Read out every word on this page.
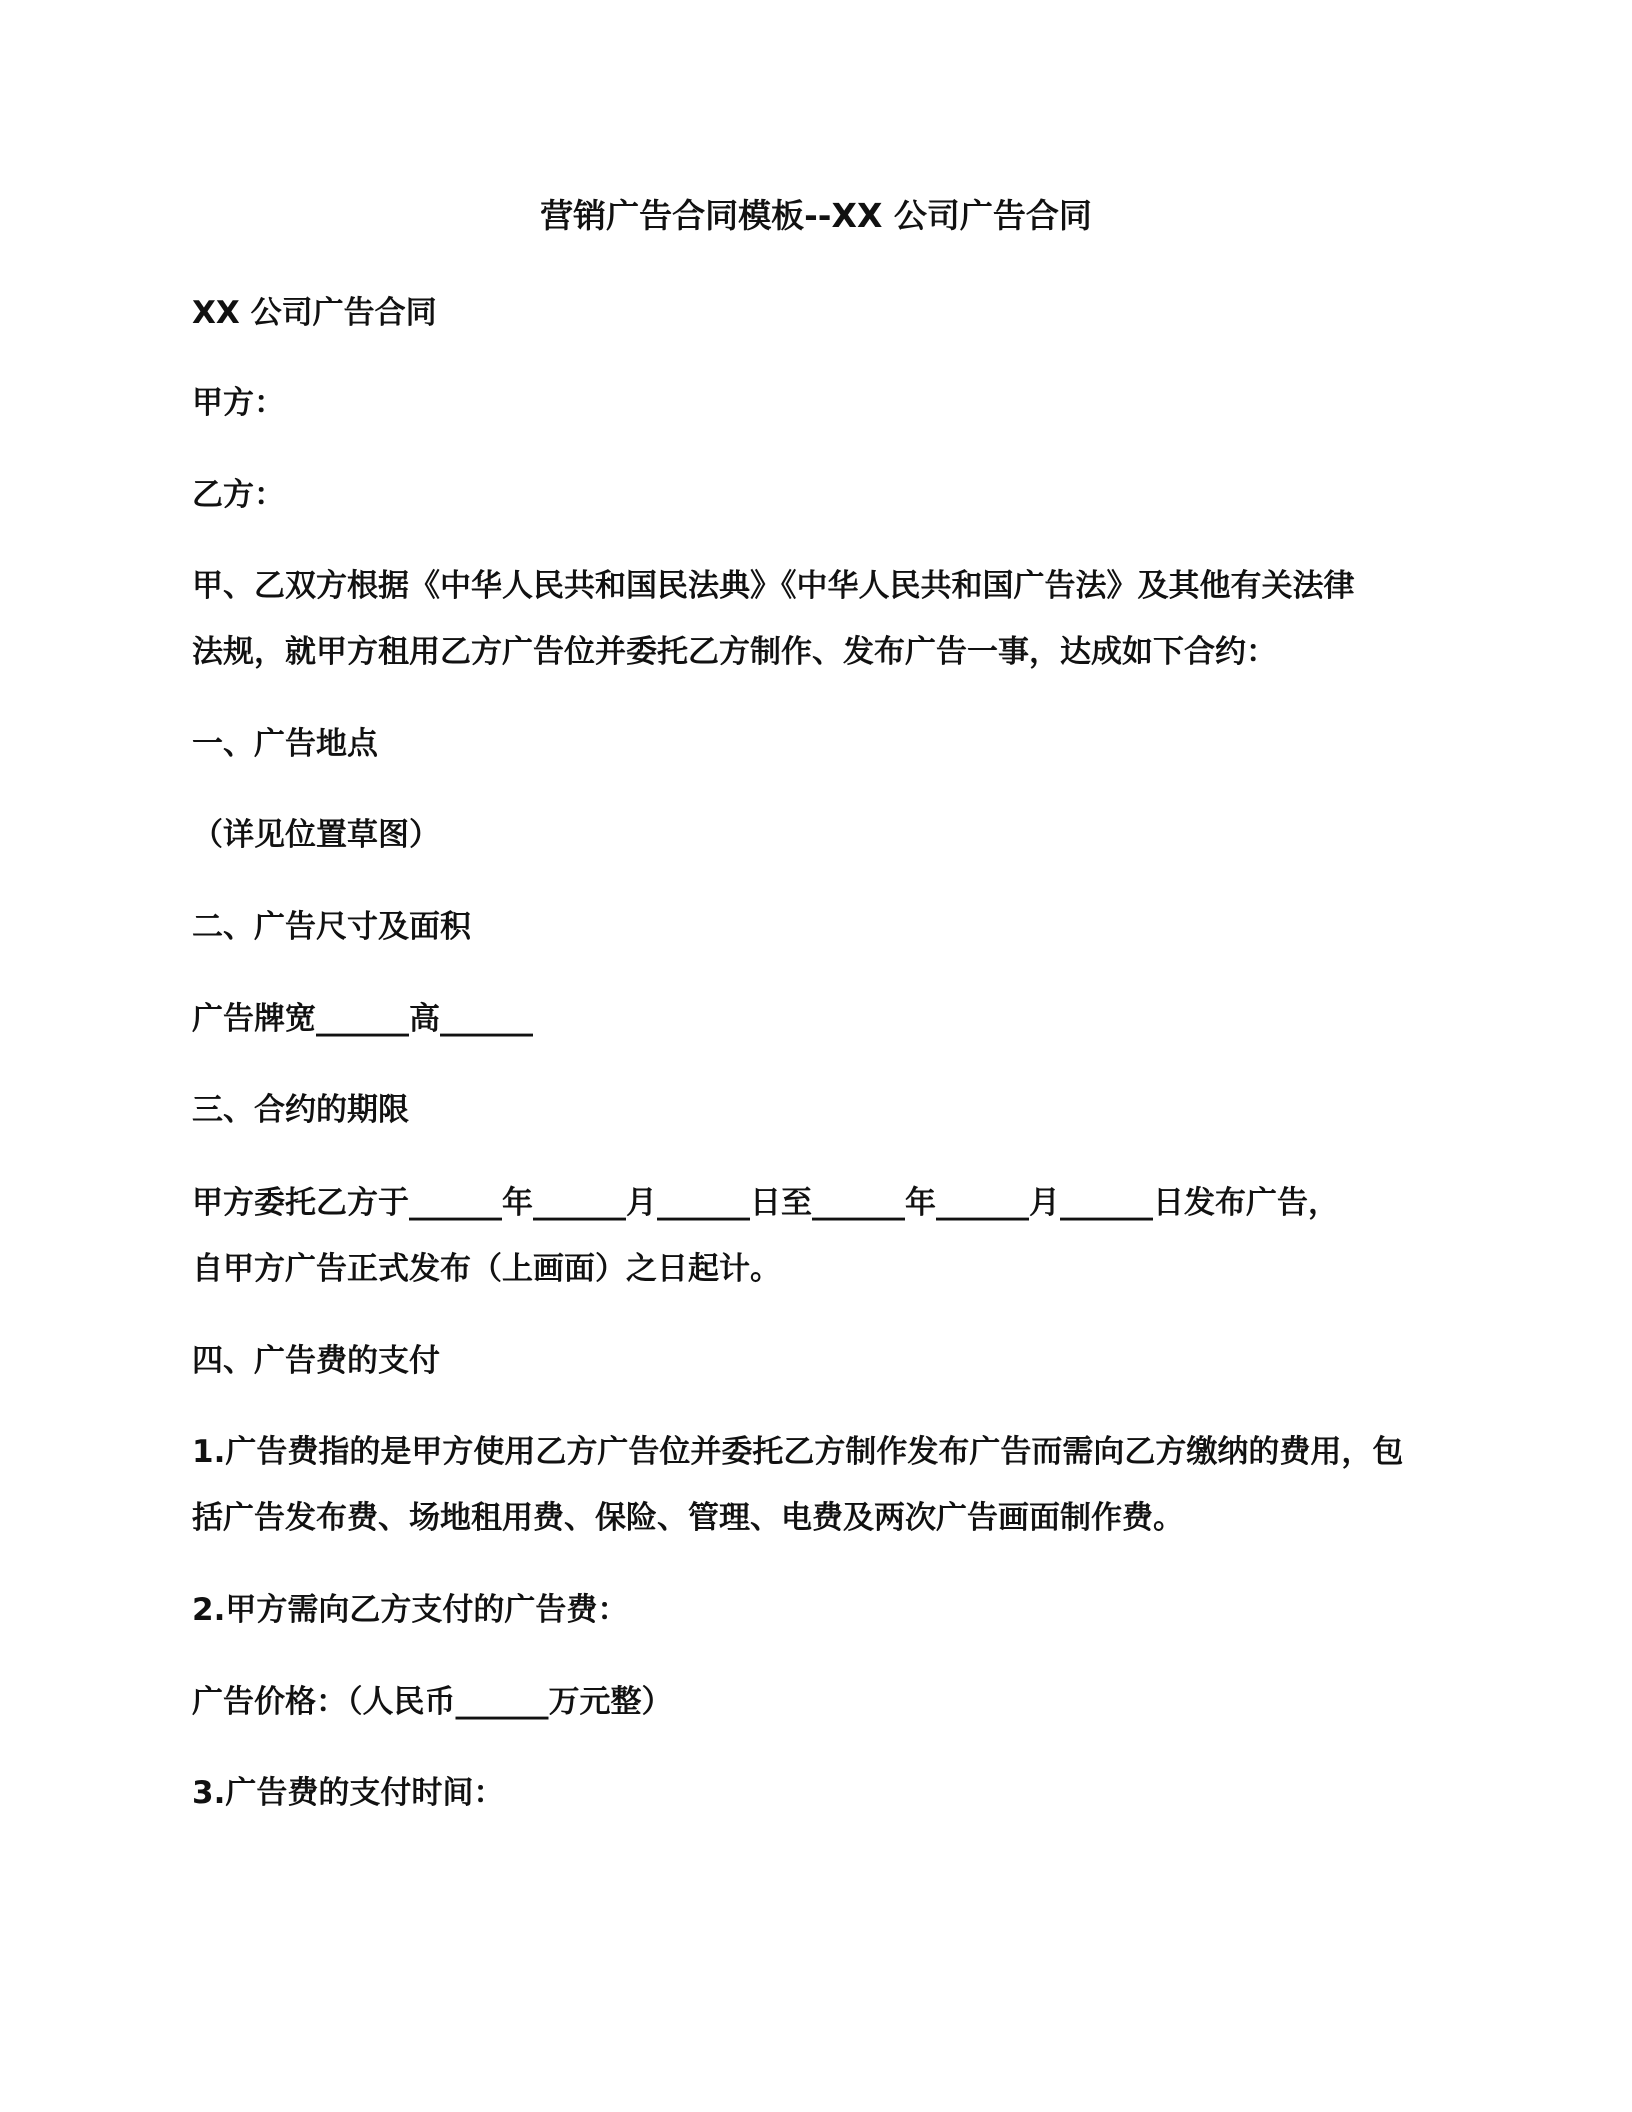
营销广告合同模板--XX 公司广告合同
XX 公司广告合同
甲方：
乙方：
甲、乙双方根据《中华人民共和国民法典》《中华人民共和国广告法》及其他有关法律
法规，就甲方租用乙方广告位并委托乙方制作、发布广告一事，达成如下合约：
一、广告地点
（详见位置草图）
二、广告尺寸及面积
广告牌宽______高______
三、合约的期限
甲方委托乙方于______年______月______日至______年______月______日发布广告，
自甲方广告正式发布（上画面）之日起计。
四、广告费的支付
1.广告费指的是甲方使用乙方广告位并委托乙方制作发布广告而需向乙方缴纳的费用，包
括广告发布费、场地租用费、保险、管理、电费及两次广告画面制作费。
2.甲方需向乙方支付的广告费：
广告价格：（人民币______万元整）
3.广告费的支付时间：
